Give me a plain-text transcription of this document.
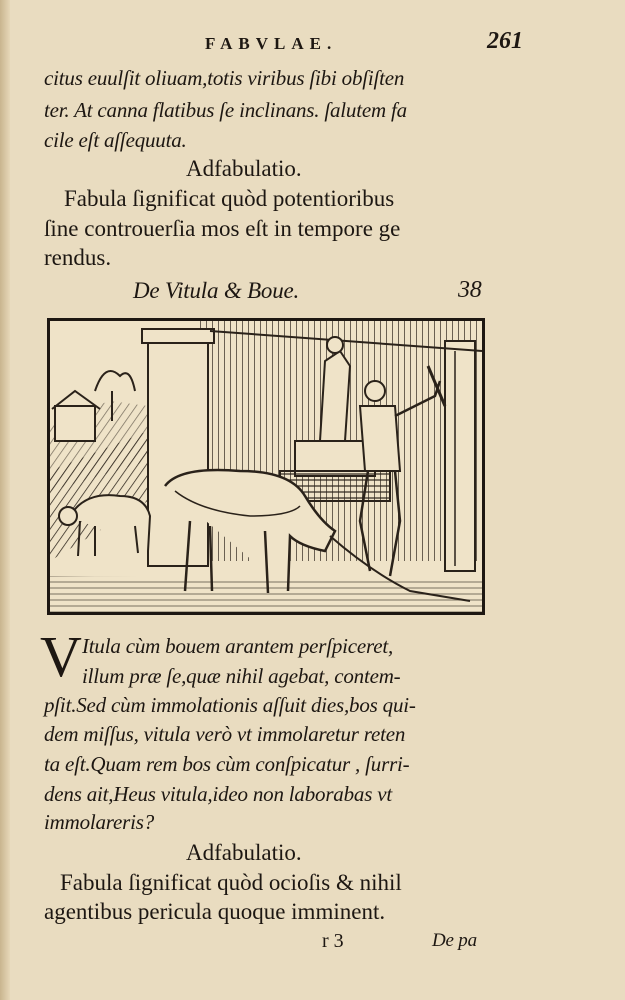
FABVLAE.	261
citus euulſit oliuam,totis viribus ſibi obſiſten
ter. At canna flatibus ſe inclinans. ſalutem fa
cile eſt aſſequuta.
Adfabulatio.
Fabula ſignificat quòd potentioribus
ſine controuerſia mos eſt in tempore ge
rendus.
De Vitula & Boue.	38
V Itula cùm bouem arantem perſpiceret,
illum præ ſe,quæ nihil agebat, contem-
pſit.Sed cùm immolationis aſſuit dies,bos qui-
dem miſſus, vitula verò vt immolaretur reten
ta eſt.Quam rem bos cùm conſpicatur , ſurri-
dens ait,Heus vitula,ideo non laborabas vt
immolareris?
Adfabulatio.
Fabula ſignificat quòd ocioſis & nihil
agentibus pericula quoque imminent.
r 3	De pa
